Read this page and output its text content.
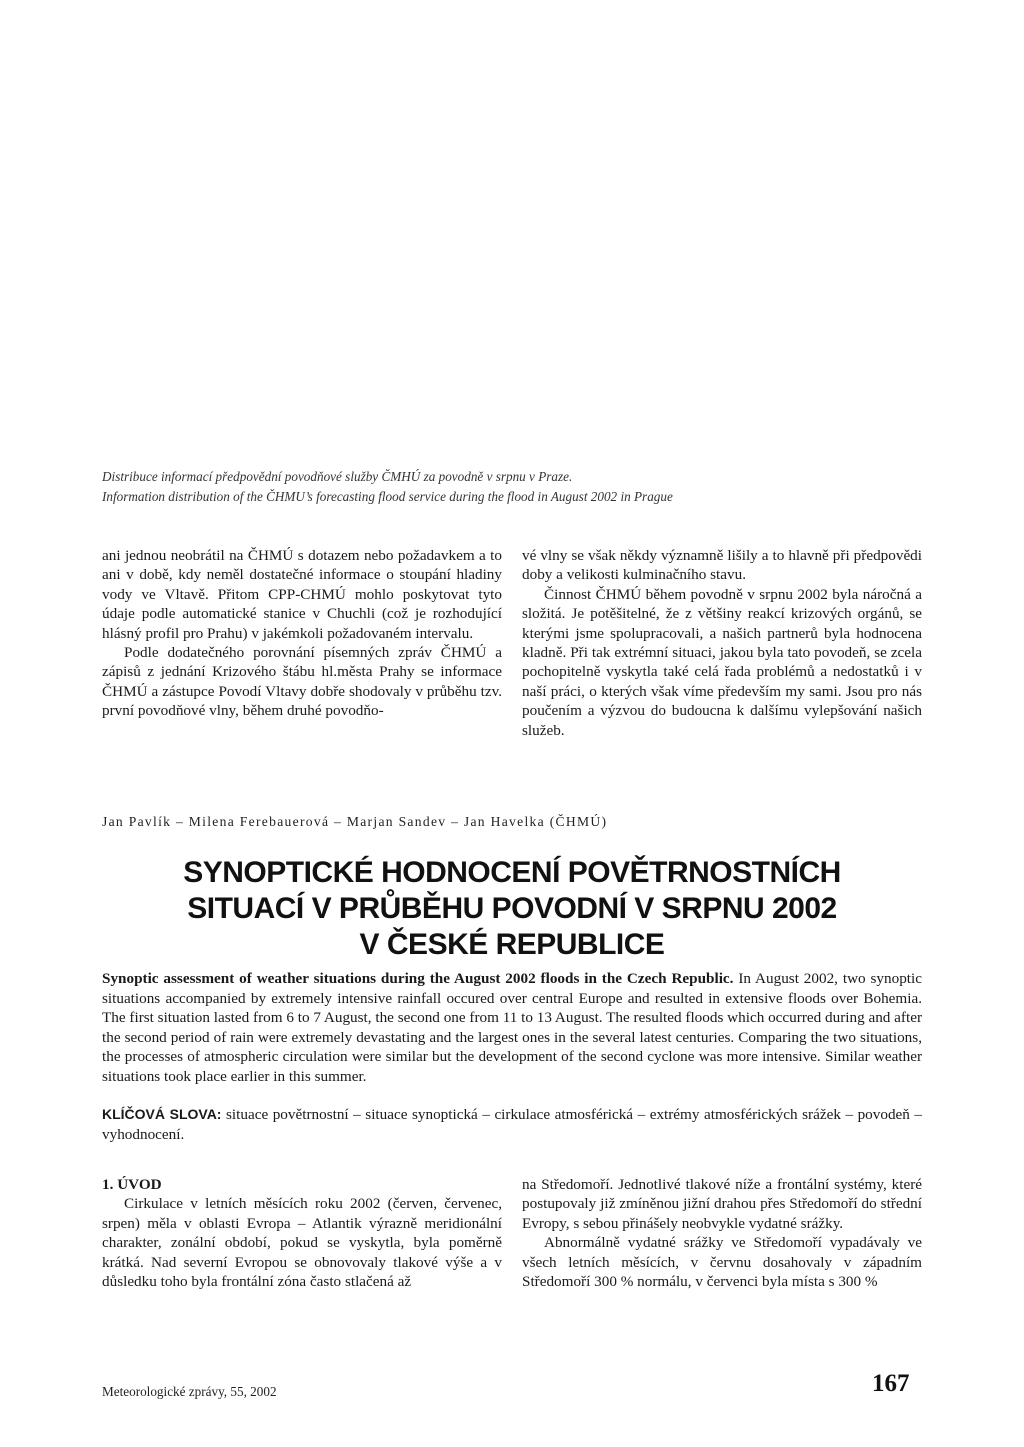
Distribuce informací předpovědní povodňové služby ČMHÚ za povodně v srpnu v Praze.
Information distribution of the ČHMU’s forecasting flood service during the flood in August 2002 in Prague

ani jednou neobrátil na ČHMÚ s dotazem nebo požadavkem a to ani v době, kdy neměl dostatečné informace o stoupání hladiny vody ve Vltavě. Přitom CPP-CHMÚ mohlo poskytovat tyto údaje podle automatické stanice v Chuchli (což je rozhodující hlásný profil pro Prahu) v jakémkoli požadovaném intervalu.

Podle dodatečného porovnání písemných zpráv ČHMÚ a zápisů z jednání Krizového štábu hl.města Prahy se informace ČHMÚ a zástupce Povodí Vltavy dobře shodovaly v průběhu tzv. první povodňové vlny, během druhé povodňo-

vé vlny se však někdy významně lišily a to hlavně při předpovědi doby a velikosti kulminačního stavu.

Činnost ČHMÚ během povodně v srpnu 2002 byla náročná a složitá. Je potěšitelné, že z většiny reakcí krizových orgánů, se kterými jsme spolupracovali, a našich partnerů byla hodnocena kladně. Při tak extrémní situaci, jakou byla tato povodeň, se zcela pochopitelně vyskytla také celá řada problémů a nedostatků i v naší práci, o kterých však víme především my sami. Jsou pro nás poučením a výzvou do budoucna k dalšímu vylepšování našich služeb.

Jan Pavlík – Milena Ferebauerová – Marjan Sandev – Jan Havelka (ČHMÚ)
SYNOPTICKÉ HODNOCENÍ POVĚTRNOSTNÍCH
SITUACÍ V PRŮBĚHU POVODNÍ V SRPNU 2002
V ČESKÉ REPUBLICE
Synoptic assessment of weather situations during the August 2002 floods in the Czech Republic. In August 2002, two synoptic situations accompanied by extremely intensive rainfall occured over central Europe and resulted in extensive floods over Bohemia. The first situation lasted from 6 to 7 August, the second one from 11 to 13 August. The resulted floods which occurred during and after the second period of rain were extremely devastating and the largest ones in the several latest centuries. Comparing the two situations, the processes of atmospheric circulation were similar but the development of the second cyclone was more intensive. Similar weather situations took place earlier in this summer.
KLÍČOVÁ SLOVA: situace povětrnostní – situace synoptická – cirkulace atmosférická – extrémy atmosférických srážek – povodeň – vyhodnocení.

1. ÚVOD

Cirkulace v letních měsících roku 2002 (červen, červenec, srpen) měla v oblasti Evropa – Atlantik výrazně meridionální charakter, zonální období, pokud se vyskytla, byla poměrně krátká. Nad severní Evropou se obnovovaly tlakové výše a v důsledku toho byla frontální zóna často stlačená až

na Středomoří. Jednotlivé tlakové níže a frontální systémy, které postupovaly již zmíněnou jižní drahou přes Středomoří do střední Evropy, s sebou přinášely neobvykle vydatné srážky.

Abnormálně vydatné srážky ve Středomoří vypadávaly ve všech letních měsících, v červnu dosahovaly v západním Středomoří 300 % normálu, v červenci byla místa s 300 %

Meteorologické zprávy, 55, 2002	167
